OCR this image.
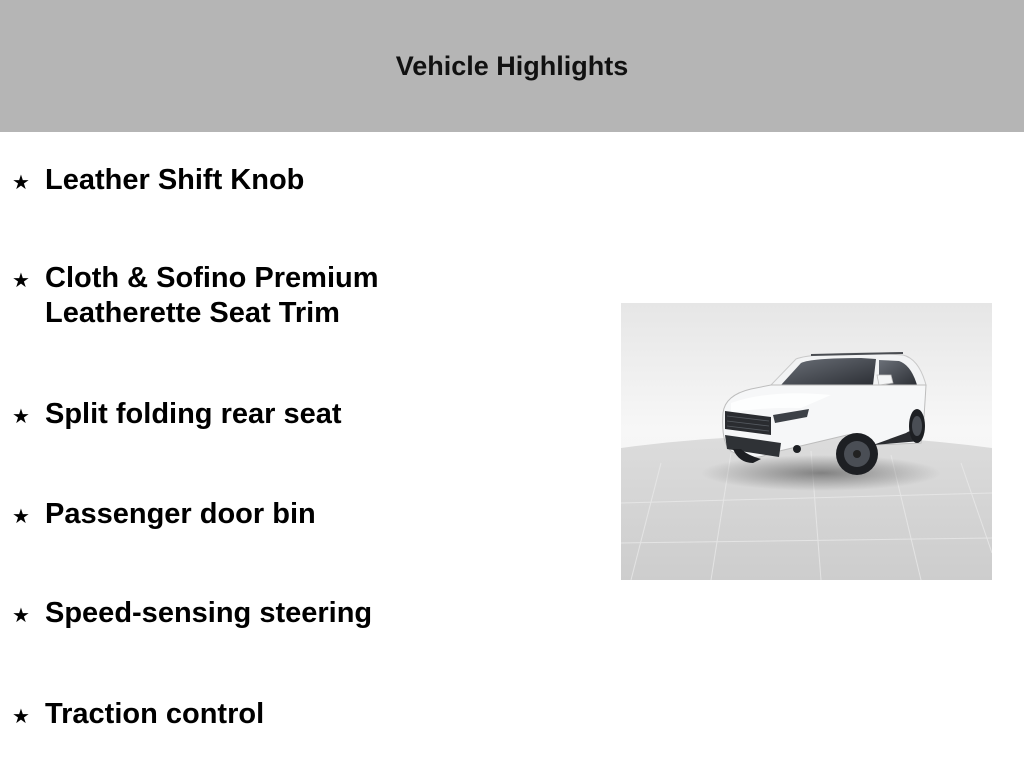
Vehicle Highlights
★ Leather Shift Knob
★ Cloth & Sofino Premium
Leatherette Seat Trim
★ Split folding rear seat
★ Passenger door bin
★ Speed-sensing steering
★ Traction control
